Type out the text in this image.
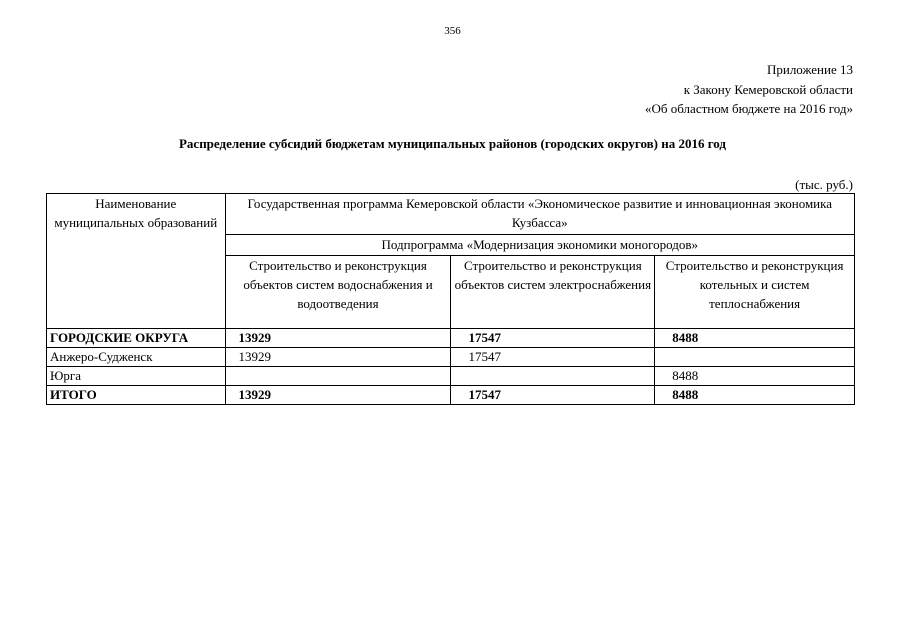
356
Приложение 13
к Закону Кемеровской области
«Об областном бюджете на 2016 год»
Распределение субсидий бюджетам муниципальных районов (городских округов) на 2016 год
(тыс. руб.)
Наименование муниципальных образований	Государственная программа Кемеровской области «Экономическое развитие и инновационная экономика Кузбасса»		
	Подпрограмма «Модернизация экономики моногородов»		
	Строительство и реконструкция объектов систем водоснабжения и водоотведения	Строительство и реконструкция объектов систем электроснабжения	Строительство и реконструкция котельных и систем теплоснабжения
ГОРОДСКИЕ ОКРУГА	13929	17547	8488
Анжеро-Судженск	13929	17547	
Юрга			8488
ИТОГО	13929	17547	8488
